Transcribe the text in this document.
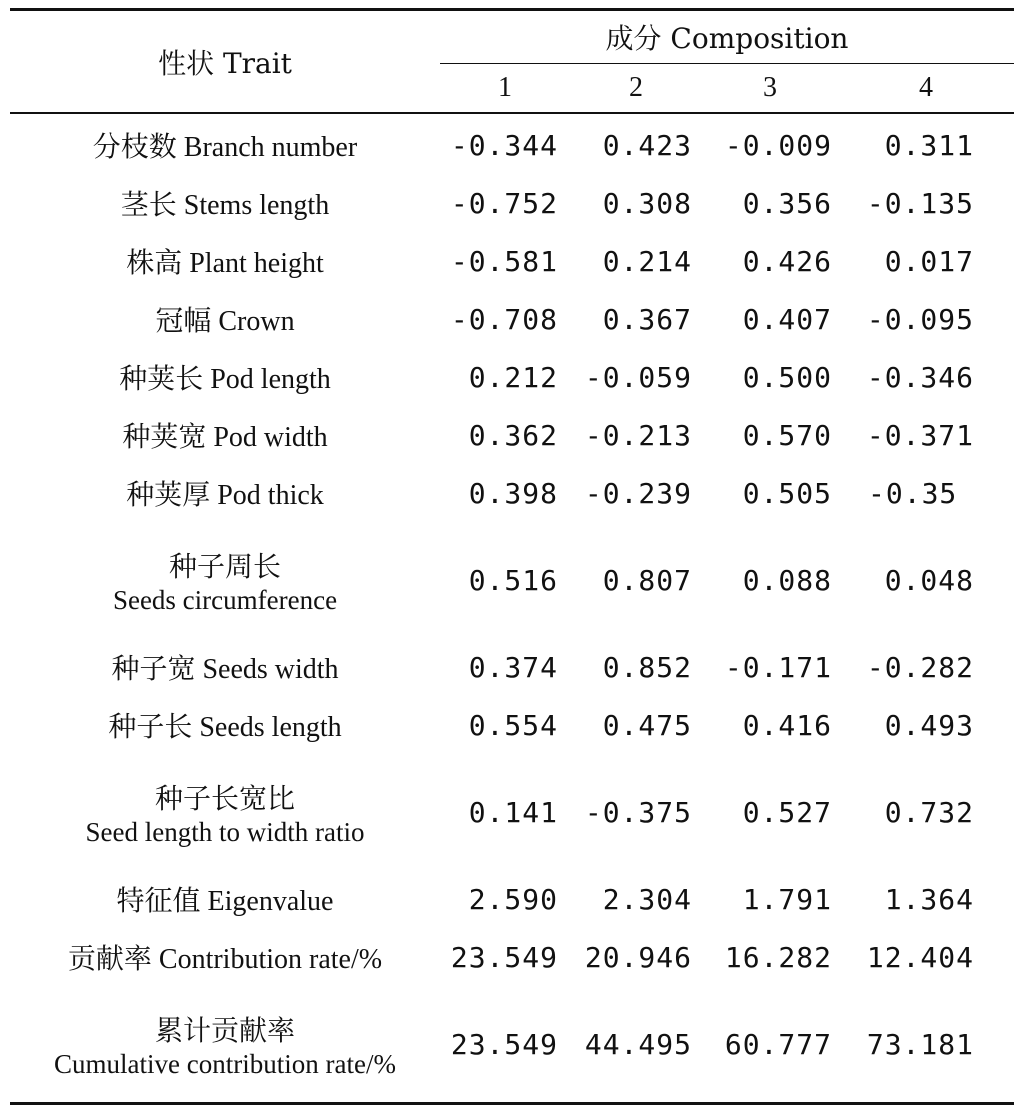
性状 Trait	成分 Composition			
	1	2	3	4
分枝数 Branch number	-0.344	0.423	-0.009	0.311
茎长 Stems length	-0.752	0.308	0.356	-0.135
株高 Plant height	-0.581	0.214	0.426	0.017
冠幅 Crown	-0.708	0.367	0.407	-0.095
种荚长 Pod length	0.212	-0.059	0.500	-0.346
种荚宽 Pod width	0.362	-0.213	0.570	-0.371
种荚厚 Pod thick	0.398	-0.239	0.505	-0.35

种子周长
Seeds circumference	0.516	0.807	0.088	0.048
种子宽 Seeds width	0.374	0.852	-0.171	-0.282
种子长 Seeds length	0.554	0.475	0.416	0.493

种子长宽比
Seed length to width ratio	0.141	-0.375	0.527	0.732
特征值 Eigenvalue	2.590	2.304	1.791	1.364
贡献率 Contribution rate/%	23.549	20.946	16.282	12.404

累计贡献率
Cumulative contribution rate/%	23.549	44.495	60.777	73.181
